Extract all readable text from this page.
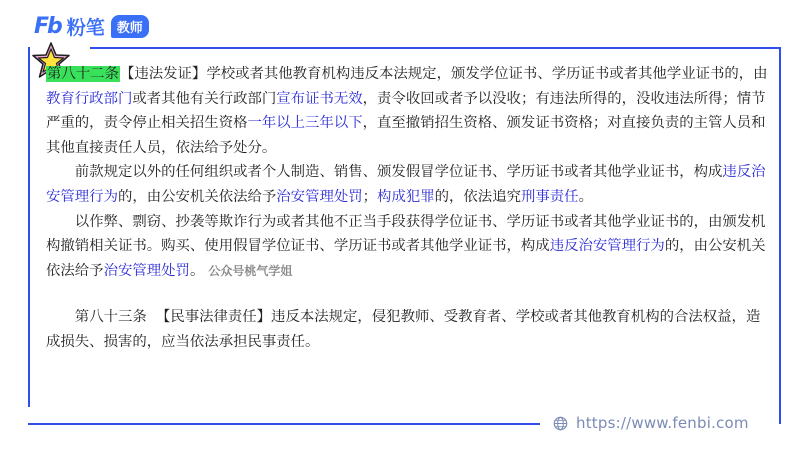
Fb 粉笔 教师

第八十二条【违法发证】学校或者其他教育机构违反本法规定，颁发学位证书、学历证书或者其他学业证书的，由教育行政部门或者其他有关行政部门宣布证书无效，责令收回或者予以没收；有违法所得的，没收违法所得；情节严重的，责令停止相关招生资格一年以上三年以下，直至撤销招生资格、颁发证书资格；对直接负责的主管人员和其他直接责任人员，依法给予处分。

前款规定以外的任何组织或者个人制造、销售、颁发假冒学位证书、学历证书或者其他学业证书，构成违反治安管理行为的，由公安机关依法给予治安管理处罚；构成犯罪的，依法追究刑事责任。

以作弊、剽窃、抄袭等欺诈行为或者其他不正当手段获得学位证书、学历证书或者其他学业证书的，由颁发机构撤销相关证书。购买、使用假冒学位证书、学历证书或者其他学业证书，构成违反治安管理行为的，由公安机关依法给予治安管理处罚。 公众号桃气学姐

第八十三条 【民事法律责任】违反本法规定，侵犯教师、受教育者、学校或者其他教育机构的合法权益，造成损失、损害的，应当依法承担民事责任。

https://www.fenbi.com
